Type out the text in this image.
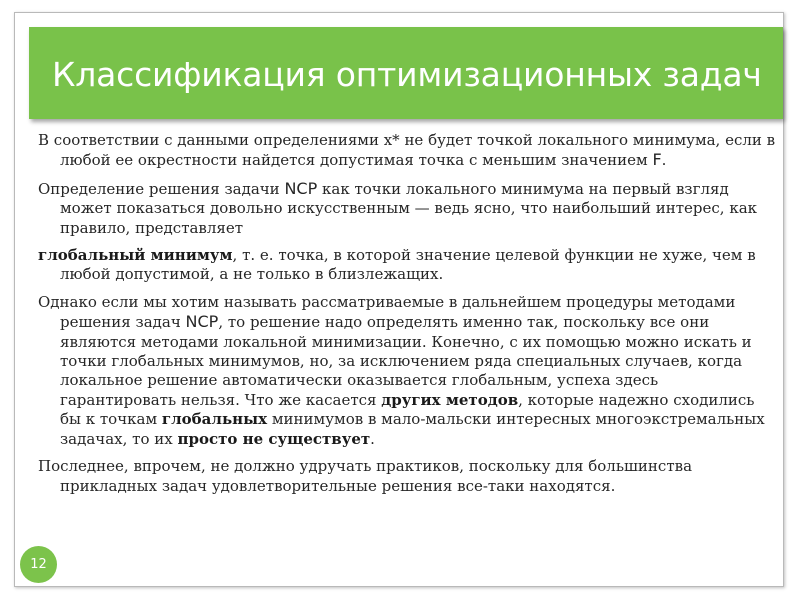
Классификация оптимизационных задач

В соответствии с данными определениями x* не будет точкой локального минимума, если в любой ее окрестности найдется допустимая точка с меньшим значением F.

Определение решения задачи NCP как точки локального минимума на первый взгляд может показаться довольно искусственным — ведь ясно, что наибольший интерес, как правило, представляет

глобальный минимум, т. е. точка, в которой значение целевой функции не хуже, чем в любой допустимой, а не только в близлежащих.

Однако если мы хотим называть рассматриваемые в дальнейшем процедуры методами решения задач NCP, то решение надо определять именно так, поскольку все они являются методами локальной минимизации. Конечно, с их помощью можно искать и точки глобальных минимумов, но, за исключением ряда специальных случаев, когда локальное решение автоматически оказывается глобальным, успеха здесь гарантировать нельзя. Что же касается других методов, которые надежно сходились бы к точкам глобальных минимумов в мало-мальски интересных многоэкстремальных задачах, то их просто не существует.

Последнее, впрочем, не должно удручать практиков, поскольку для большинства прикладных задач удовлетворительные решения все-таки находятся.

12
